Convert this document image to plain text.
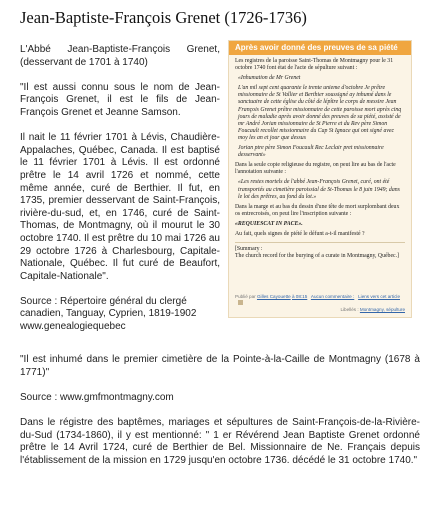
Jean-Baptiste-François Grenet (1726-1736)

L'Abbé Jean-Baptiste-François Grenet, (desservant de 1701 à 1740)

"Il est aussi connu sous le nom de Jean-François Grenet, il est le fils de Jean-François Grenet et Jeanne Samson.

Il nait le 11 février 1701 à Lévis, Chaudière-Appalaches, Québec, Canada. Il est baptisé le 11 février 1701 à Lévis. Il est ordonné prêtre le 14 avril 1726 et nommé, cette même année, curé de Berthier. Il fut, en 1735, premier desservant de Saint-François, rivière-du-sud, et, en 1746, curé de Saint-Thomas, de Montmagny, où il mourut le 30 octobre 1740. Il est prêtre du 10 mai 1726 au 29 octobre 1726 à Charlesbourg, Capitale-Nationale, Québec. Il fut curé de Beaufort, Capitale-Nationale".

Source : Répertoire général du clergé
canadien, Tanguay, Cyprien, 1819-1902
www.genealogiequebec

Après avoir donné des preuves de sa piété

Les registres de la paroisse Saint-Thomas de Montmagny pour le 31 octobre 1740 font état de l'acte de sépulture suivant :

«Inhumation de Mr Grenet

L'an mil sept cent quarante le trente unieme d'octobre Je prêtre missionnaire de St Vallier et Berthier soussigné ay inhumé dans le sanctuaire de cette église du côté de lépître le corps de messire Jean François Grenet prêtre missionnaire de cette paroisse mort après cinq jours de maladie après avoir donné des preuves de sa piété, assisté de mr André Jorian missionnaire de St Pierre et du Rev père Simon Foucault recollet missionnaire du Cap St Ignace qui ont signé avec moy les an et jour que dessus

Jorian ptre père Simon Foucault Rec Leclair pret missionnaire desservant»

Dans la seule copie religieuse du registre, on peut lire au bas de l'acte l'annotation suivante :

«Les restes mortels de l'abbé Jean-François Grenet, curé, ont été transportés au cimetière paroissial de St-Thomas le 8 juin 1949; dans le lot des prêtres, au fond du lot.»

Dans la marge et au bas du dessin d'une tête de mort surplombant deux os entrecroisés, on peut lire l'inscription suivante :

«REQUIESCAT IN PACE».

Au fait, quels signes de piété le défunt a-t-il manifesté ?

[Summary :
The church record for the burying of a curate in Montmagny, Québec.]
Publié par Gilles Cayouette à 08:15 Aucun commentaire : Liens vers cet article
Libellés : Montmagny, sépulture

"Il est inhumé dans le premier cimetière de la Pointe-à-la-Caille de Montmagny (1678 à 1771)"

Source : www.gmfmontmagny.com

Dans le régistre des baptêmes, mariages et sépultures de Saint-François-de-la-Rivière-du-Sud (1734-1860), il y est mentionné: " 1 er Révérend Jean Baptiste Grenet ordonné prêtre le 14 Avril 1724, curé de Berthier de Bel. Missionnaire de Ne. Français depuis l'établissement de la mission en 1729 jusqu'en octobre 1736. décédé le 31 octobre 1740."
